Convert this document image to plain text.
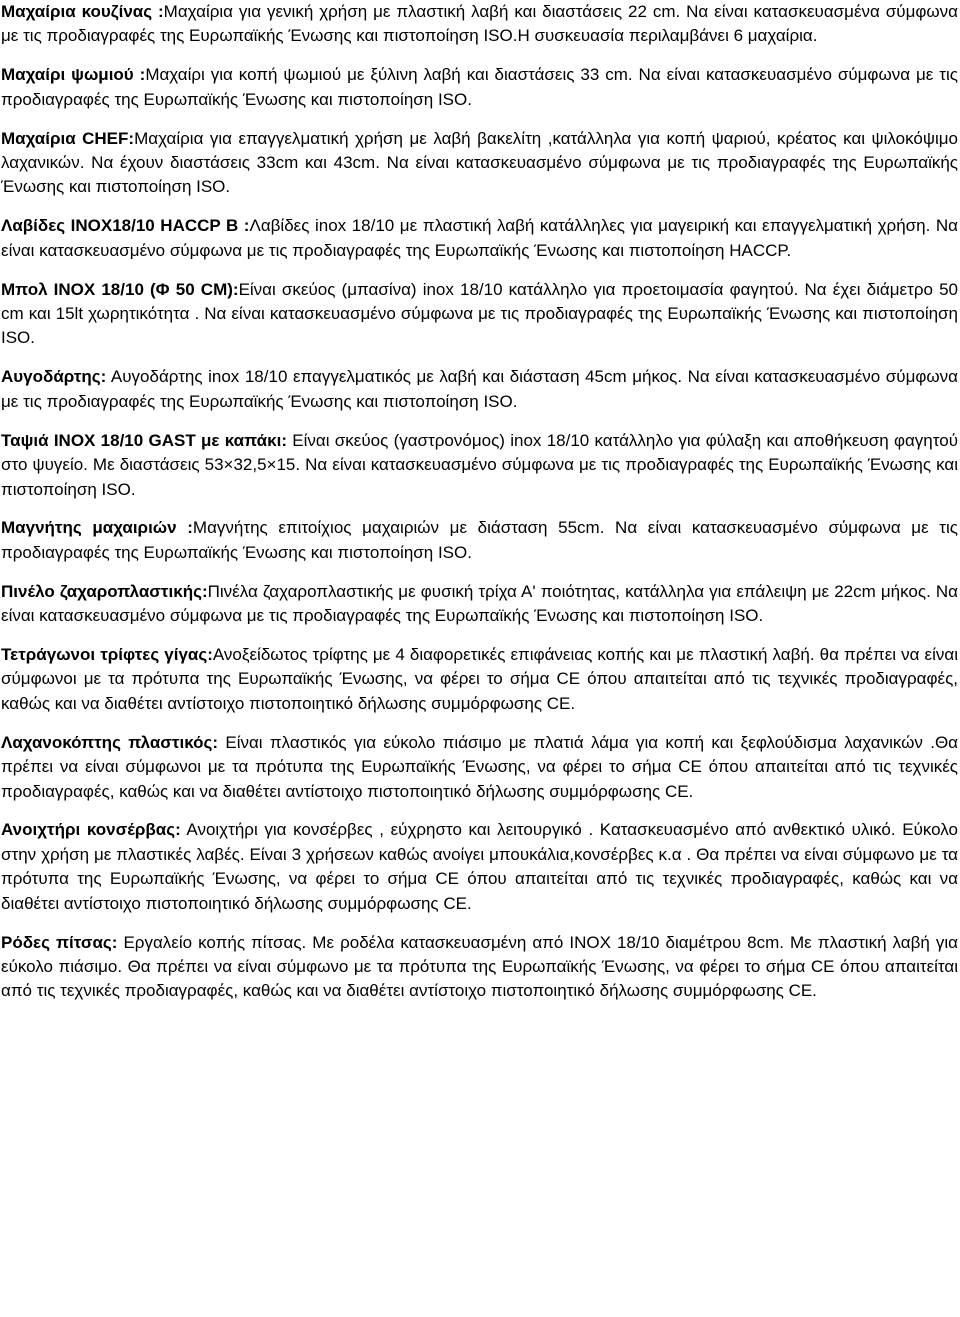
Μαχαίρια κουζίνας :Μαχαίρια για γενική χρήση με πλαστική λαβή και διαστάσεις 22 cm. Να είναι κατασκευασμένα σύμφωνα με τις προδιαγραφές της Ευρωπαϊκής Ένωσης και πιστοποίηση ISO.Η συσκευασία περιλαμβάνει 6 μαχαίρια.

Μαχαίρι ψωμιού :Μαχαίρι για κοπή ψωμιού με ξύλινη λαβή και διαστάσεις 33 cm. Να είναι κατασκευασμένο σύμφωνα με τις προδιαγραφές της Ευρωπαϊκής Ένωσης και πιστοποίηση ISO.

Μαχαίρια CHEF:Μαχαίρια για επαγγελματική χρήση με λαβή βακελίτη ,κατάλληλα για κοπή ψαριού, κρέατος και ψιλοκόψιμο λαχανικών. Να έχουν διαστάσεις 33cm και 43cm. Να είναι κατασκευασμένο σύμφωνα με τις προδιαγραφές της Ευρωπαϊκής Ένωσης και πιστοποίηση ISO.

Λαβίδες INOX18/10 HACCP B :Λαβίδες inox 18/10 με πλαστική λαβή κατάλληλες για μαγειρική και επαγγελματική χρήση. Να είναι κατασκευασμένο σύμφωνα με τις προδιαγραφές της Ευρωπαϊκής Ένωσης και πιστοποίηση HACCP.

Μπολ INOX 18/10 (Φ 50 CM):Είναι σκεύος (μπασίνα) inox 18/10 κατάλληλο για προετοιμασία φαγητού. Να έχει διάμετρο 50 cm και 15lt χωρητικότητα . Να είναι κατασκευασμένο σύμφωνα με τις προδιαγραφές της Ευρωπαϊκής Ένωσης και πιστοποίηση ISO.

Αυγοδάρτης: Αυγοδάρτης inox 18/10 επαγγελματικός με λαβή και διάσταση 45cm μήκος. Να είναι κατασκευασμένο σύμφωνα με τις προδιαγραφές της Ευρωπαϊκής Ένωσης και πιστοποίηση ISO.

Ταψιά INOX 18/10 GAST με καπάκι: Είναι σκεύος (γαστρονόμος) inox 18/10 κατάλληλο για φύλαξη και αποθήκευση φαγητού στο ψυγείο. Με διαστάσεις 53×32,5×15. Να είναι κατασκευασμένο σύμφωνα με τις προδιαγραφές της Ευρωπαϊκής Ένωσης και πιστοποίηση ISO.

Μαγνήτης μαχαιριών :Μαγνήτης επιτοίχιος μαχαιριών με διάσταση 55cm. Να είναι κατασκευασμένο σύμφωνα με τις προδιαγραφές της Ευρωπαϊκής Ένωσης και πιστοποίηση ISO.

Πινέλο ζαχαροπλαστικής:Πινέλα ζαχαροπλαστικής με φυσική τρίχα Α' ποιότητας, κατάλληλα για επάλειψη με 22cm μήκος. Να είναι κατασκευασμένο σύμφωνα με τις προδιαγραφές της Ευρωπαϊκής Ένωσης και πιστοποίηση ISO.

Τετράγωνοι τρίφτες γίγας:Ανοξείδωτος τρίφτης με 4 διαφορετικές επιφάνειας κοπής και με πλαστική λαβή. θα πρέπει να είναι σύμφωνοι με τα πρότυπα της Ευρωπαϊκής Ένωσης, να φέρει το σήμα CE όπου απαιτείται από τις τεχνικές προδιαγραφές, καθώς και να διαθέτει αντίστοιχο πιστοποιητικό δήλωσης συμμόρφωσης CE.

Λαχανοκόπτης πλαστικός: Είναι πλαστικός για εύκολο πιάσιμο με πλατιά λάμα για κοπή και ξεφλούδισμα λαχανικών .Θα πρέπει να είναι σύμφωνοι με τα πρότυπα της Ευρωπαϊκής Ένωσης, να φέρει το σήμα CE όπου απαιτείται από τις τεχνικές προδιαγραφές, καθώς και να διαθέτει αντίστοιχο πιστοποιητικό δήλωσης συμμόρφωσης CE.

Ανοιχτήρι κονσέρβας: Ανοιχτήρι για κονσέρβες , εύχρηστο και λειτουργικό . Κατασκευασμένο από ανθεκτικό υλικό. Εύκολο στην χρήση με πλαστικές λαβές. Είναι 3 χρήσεων καθώς ανοίγει μπουκάλια,κονσέρβες κ.α . Θα πρέπει να είναι σύμφωνο με τα πρότυπα της Ευρωπαϊκής Ένωσης, να φέρει το σήμα CE όπου απαιτείται από τις τεχνικές προδιαγραφές, καθώς και να διαθέτει αντίστοιχο πιστοποιητικό δήλωσης συμμόρφωσης CE.

Ρόδες πίτσας: Εργαλείο κοπής πίτσας. Με ροδέλα κατασκευασμένη από INOX 18/10 διαμέτρου 8cm. Με πλαστική λαβή για εύκολο πιάσιμο. Θα πρέπει να είναι σύμφωνο με τα πρότυπα της Ευρωπαϊκής Ένωσης, να φέρει το σήμα CE όπου απαιτείται από τις τεχνικές προδιαγραφές, καθώς και να διαθέτει αντίστοιχο πιστοποιητικό δήλωσης συμμόρφωσης CE.
